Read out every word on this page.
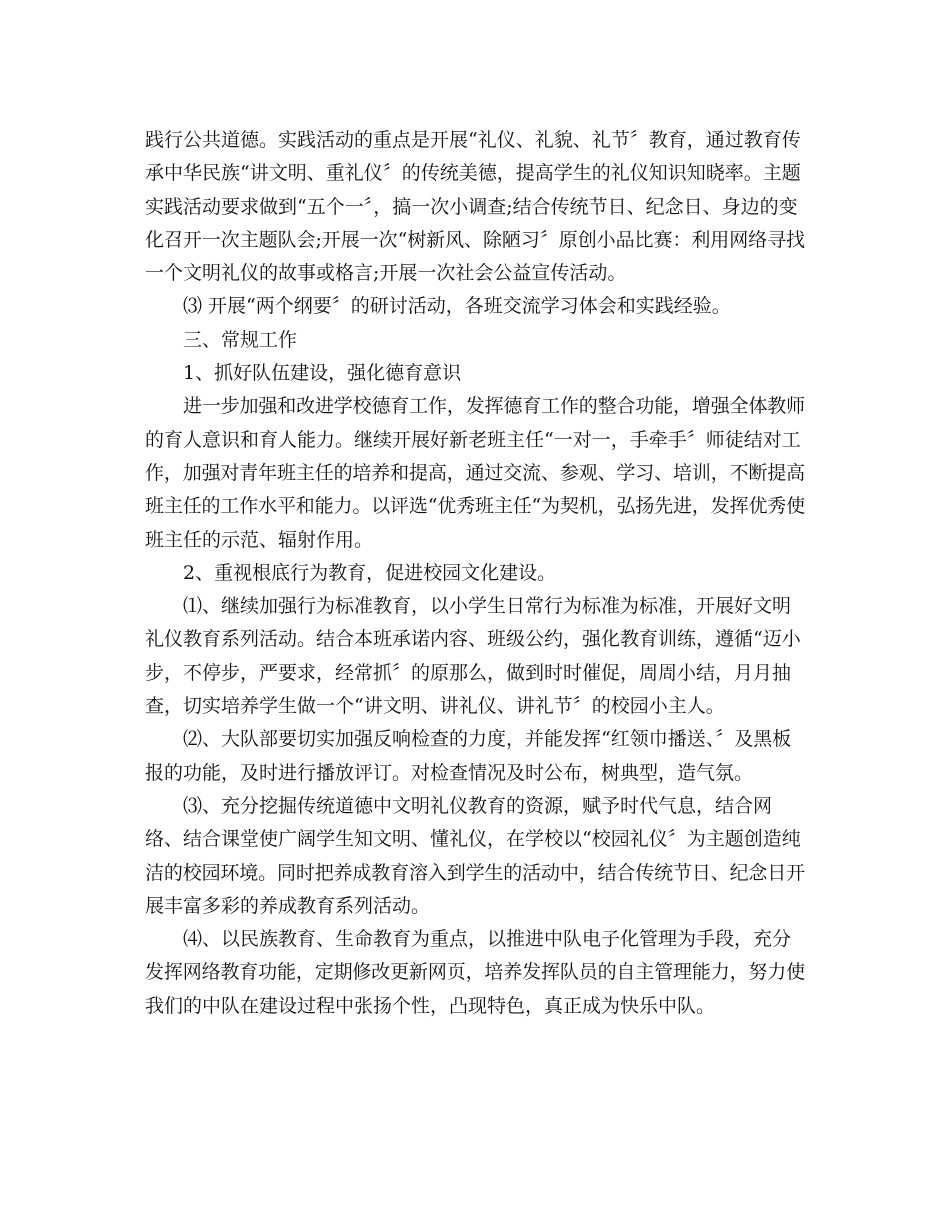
践行公共道德。实践活动的重点是开展“礼仪、礼貌、礼节〞教育，通过教育传
承中华民族“讲文明、重礼仪〞的传统美德，提高学生的礼仪知识知晓率。主题
实践活动要求做到“五个一〞，搞一次小调查;结合传统节日、纪念日、身边的变
化召开一次主题队会;开展一次“树新风、除陋习〞原创小品比赛：利用网络寻找
一个文明礼仪的故事或格言;开展一次社会公益宣传活动。
⑶ 开展“两个纲要〞的研讨活动，各班交流学习体会和实践经验。
三、常规工作
1、抓好队伍建设，强化德育意识
进一步加强和改进学校德育工作，发挥德育工作的整合功能，增强全体教师
的育人意识和育人能力。继续开展好新老班主任“一对一，手牵手〞师徒结对工
作，加强对青年班主任的培养和提高，通过交流、参观、学习、培训，不断提高
班主任的工作水平和能力。以评选“优秀班主任“为契机，弘扬先进，发挥优秀使
班主任的示范、辐射作用。
2、重视根底行为教育，促进校园文化建设。
⑴、继续加强行为标准教育，以小学生日常行为标准为标准，开展好文明
礼仪教育系列活动。结合本班承诺内容、班级公约，强化教育训练，遵循“迈小
步，不停步，严要求，经常抓〞的原那么，做到时时催促，周周小结，月月抽
查，切实培养学生做一个“讲文明、讲礼仪、讲礼节〞的校园小主人。
⑵、大队部要切实加强反响检查的力度，并能发挥“红领巾播送、〞及黑板
报的功能，及时进行播放评订。对检查情况及时公布，树典型，造气氛。
⑶、充分挖掘传统道德中文明礼仪教育的资源，赋予时代气息，结合网
络、结合课堂使广阔学生知文明、懂礼仪，在学校以“校园礼仪〞为主题创造纯
洁的校园环境。同时把养成教育溶入到学生的活动中，结合传统节日、纪念日开
展丰富多彩的养成教育系列活动。
⑷、以民族教育、生命教育为重点，以推进中队电子化管理为手段，充分
发挥网络教育功能，定期修改更新网页，培养发挥队员的自主管理能力，努力使
我们的中队在建设过程中张扬个性，凸现特色，真正成为快乐中队。
